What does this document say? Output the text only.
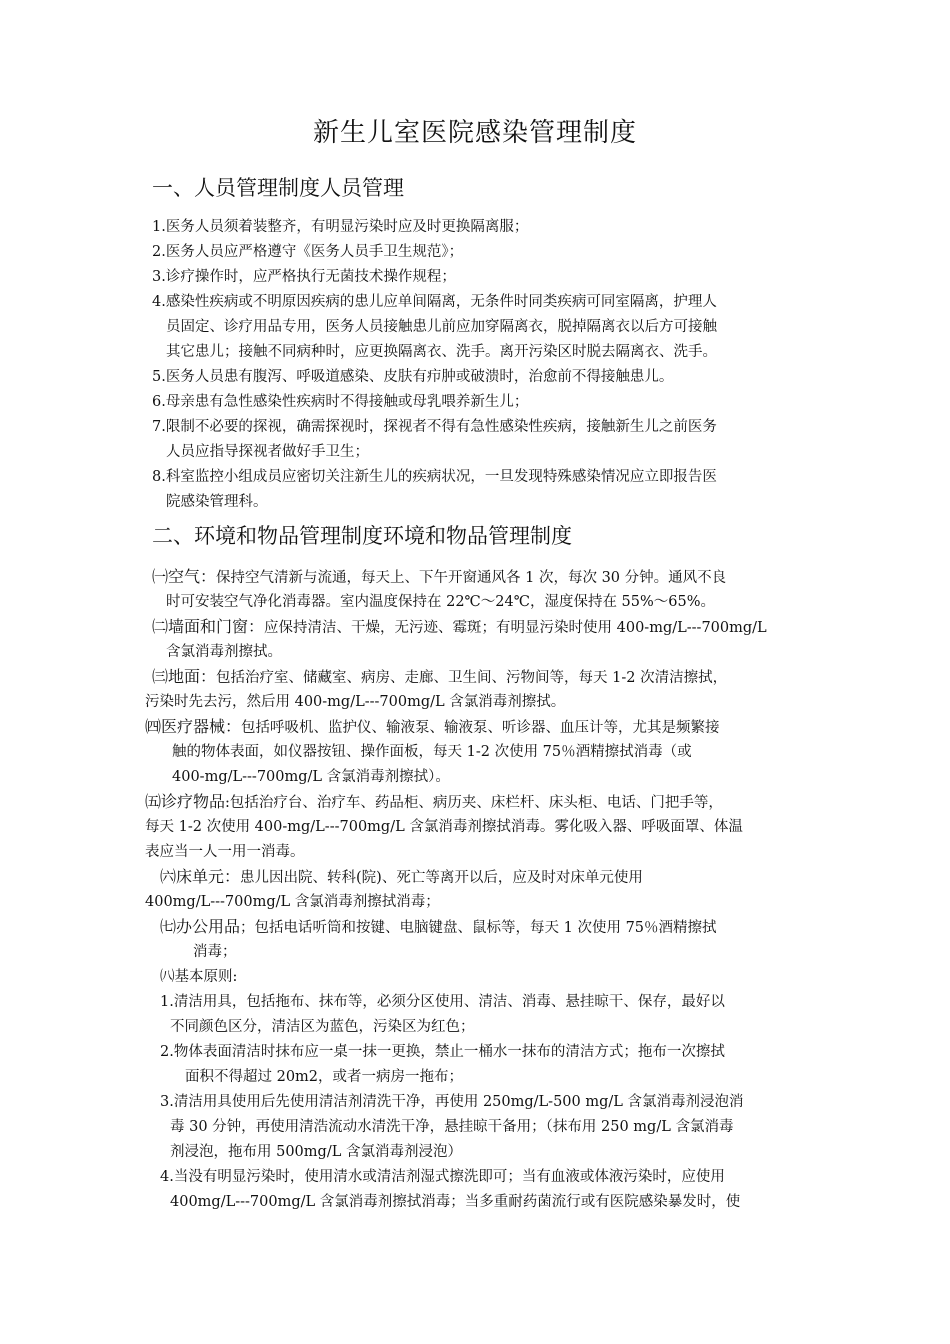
新生儿室医院感染管理制度
一、人员管理制度人员管理
1.医务人员须着装整齐，有明显污染时应及时更换隔离服；
2.医务人员应严格遵守《医务人员手卫生规范》；
3.诊疗操作时，应严格执行无菌技术操作规程；
4.感染性疾病或不明原因疾病的患儿应单间隔离，无条件时同类疾病可同室隔离，护理人
员固定、诊疗用品专用，医务人员接触患儿前应加穿隔离衣，脱掉隔离衣以后方可接触
其它患儿；接触不同病种时，应更换隔离衣、洗手。离开污染区时脱去隔离衣、洗手。
5.医务人员患有腹泻、呼吸道感染、皮肤有疖肿或破溃时，治愈前不得接触患儿。
6.母亲患有急性感染性疾病时不得接触或母乳喂养新生儿；
7.限制不必要的探视，确需探视时，探视者不得有急性感染性疾病，接触新生儿之前医务
人员应指导探视者做好手卫生；
8.科室监控小组成员应密切关注新生儿的疾病状况，一旦发现特殊感染情况应立即报告医
院感染管理科。
二、环境和物品管理制度环境和物品管理制度
㈠空气：保持空气清新与流通，每天上、下午开窗通风各 1 次，每次 30 分钟。通风不良
时可安装空气净化消毒器。室内温度保持在 22℃～24℃，湿度保持在 55%～65%。
㈡墙面和门窗：应保持清洁、干燥，无污迹、霉斑；有明显污染时使用 400-mg/L---700mg/L
含氯消毒剂擦拭。
㈢地面：包括治疗室、储藏室、病房、走廊、卫生间、污物间等，每天 1-2 次清洁擦拭，
污染时先去污，然后用 400-mg/L---700mg/L 含氯消毒剂擦拭。
㈣医疗器械：包括呼吸机、监护仪、输液泵、输液泵、听诊器、血压计等，尤其是频繁接
触的物体表面，如仪器按钮、操作面板，每天 1-2 次使用 75％酒精擦拭消毒（或
400-mg/L---700mg/L 含氯消毒剂擦拭）。
㈤诊疗物品:包括治疗台、治疗车、药品柜、病历夹、床栏杆、床头柜、电话、门把手等，
每天 1-2 次使用 400-mg/L---700mg/L 含氯消毒剂擦拭消毒。雾化吸入器、呼吸面罩、体温
表应当一人一用一消毒。
㈥床单元：患儿因出院、转科(院)、死亡等离开以后，应及时对床单元使用
400mg/L---700mg/L 含氯消毒剂擦拭消毒；
㈦办公用品；包括电话听筒和按键、电脑键盘、鼠标等，每天 1 次使用 75％酒精擦拭
消毒；
㈧基本原则:
1.清洁用具，包括拖布、抹布等，必须分区使用、清洁、消毒、悬挂晾干、保存，最好以
不同颜色区分，清洁区为蓝色，污染区为红色；
2.物体表面清洁时抹布应一桌一抹一更换，禁止一桶水一抹布的清洁方式；拖布一次擦拭
面积不得超过 20m2，或者一病房一拖布；
3.清洁用具使用后先使用清洁剂清洗干净，再使用 250mg/L-500 mg/L 含氯消毒剂浸泡消
毒 30 分钟，再使用清浩流动水清洗干净，悬挂晾干备用；（抹布用 250 mg/L 含氯消毒
剂浸泡，拖布用 500mg/L 含氯消毒剂浸泡）
4.当没有明显污染时，使用清水或清洁剂湿式擦洗即可；当有血液或体液污染时，应使用
400mg/L---700mg/L 含氯消毒剂擦拭消毒；当多重耐药菌流行或有医院感染暴发时，使
